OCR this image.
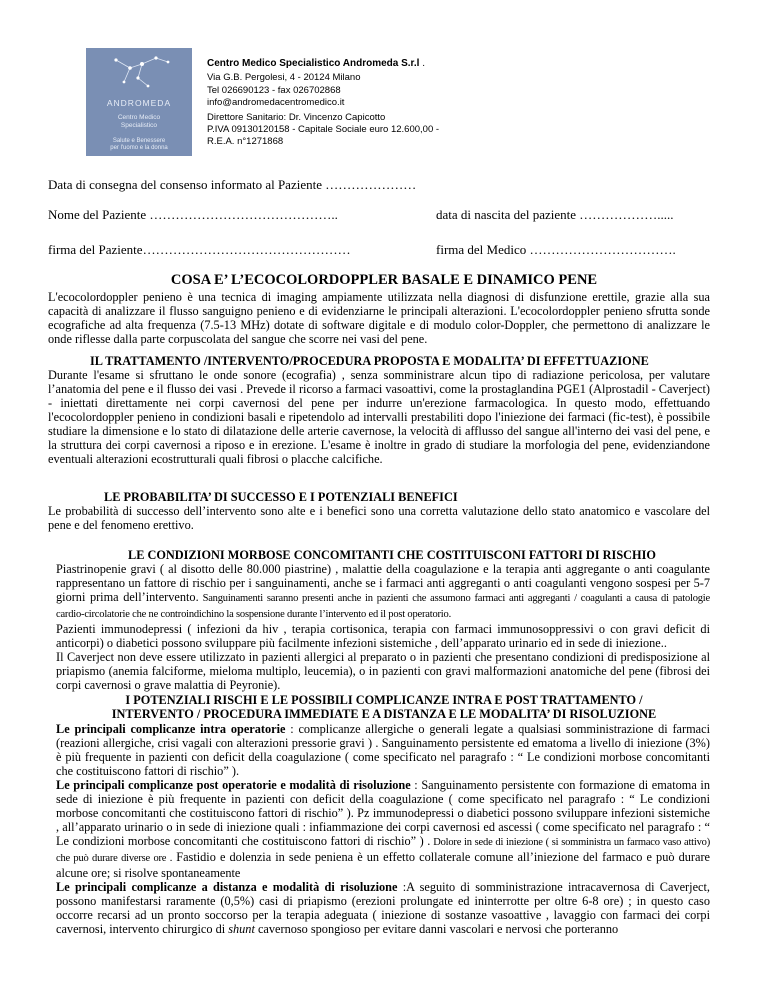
ANDROMEDA
Centro Medico
Specialistico
Salute e Benessere
per l'uomo e la donna
Centro Medico Specialistico Andromeda S.r.l .
Via G.B. Pergolesi, 4 - 20124 Milano
Tel 026690123 - fax 026702868
info@andromedacentromedico.it
Direttore Sanitario: Dr. Vincenzo Capicotto
P.IVA 09130120158 - Capitale Sociale euro 12.600,00 -
R.E.A. n°1271868
Data di consegna del consenso informato al Paziente …………………
Nome del Paziente ……………………………………..	data di nascita del paziente ……………….....
firma del Paziente…………………………………………	firma del Medico …………………………….
COSA E’ L’ECOCOLORDOPPLER BASALE E DINAMICO PENE
L'ecocolordoppler penieno è una tecnica di imaging ampiamente utilizzata nella diagnosi di disfunzione erettile, grazie alla sua capacità di analizzare il flusso sanguigno penieno e di evidenziarne le principali alterazioni. L'ecocolordoppler penieno sfrutta sonde ecografiche ad alta frequenza (7.5-13 MHz) dotate di software digitale e di modulo color-Doppler, che permettono di analizzare le onde riflesse dalla parte corpuscolata del sangue che scorre nei vasi del pene.
IL TRATTAMENTO /INTERVENTO/PROCEDURA PROPOSTA E MODALITA’ DI EFFETTUAZIONE
Durante l'esame si sfruttano le onde sonore (ecografia) , senza somministrare alcun tipo di radiazione pericolosa, per valutare l’anatomia del pene e il flusso dei vasi . Prevede il ricorso a farmaci vasoattivi, come la prostaglandina PGE1 (Alprostadil - Caverject) - iniettati direttamente nei corpi cavernosi del pene per indurre un'erezione farmacologica. In questo modo, effettuando l'ecocolordoppler penieno in condizioni basali e ripetendolo ad intervalli prestabiliti dopo l'iniezione dei farmaci (fic-test), è possibile studiare la dimensione e lo stato di dilatazione delle arterie cavernose, la velocità di afflusso del sangue all'interno dei vasi del pene, e la struttura dei corpi cavernosi a riposo e in erezione. L'esame è inoltre in grado di studiare la morfologia del pene, evidenziandone eventuali alterazioni ecostrutturali quali fibrosi o placche calcifiche.
LE PROBABILITA’ DI SUCCESSO E I POTENZIALI BENEFICI
Le probabilità di successo dell’intervento sono alte e i benefici sono una corretta valutazione dello stato anatomico e vascolare del pene e del fenomeno erettivo.
LE CONDIZIONI MORBOSE CONCOMITANTI CHE COSTITUISCONI FATTORI DI RISCHIO

Piastrinopenie gravi ( al disotto delle 80.000 piastrine) , malattie della coagulazione e la terapia anti aggregante o anti coagulante rappresentano un fattore di rischio per i sanguinamenti, anche se i farmaci anti aggreganti o anti coagulanti vengono sospesi per 5-7 giorni prima dell’intervento. Sanguinamenti saranno presenti anche in pazienti che assumono farmaci anti aggreganti / coagulanti a causa di patologie cardio-circolatorie che ne controindichino la sospensione durante l’intervento ed il post operatorio.

Pazienti immunodepressi ( infezioni da hiv , terapia cortisonica, terapia con farmaci immunosoppressivi o con gravi deficit di anticorpi) o diabetici possono sviluppare più facilmente infezioni sistemiche , dell’apparato urinario ed in sede di iniezione..

Il Caverject non deve essere utilizzato in pazienti allergici al preparato o in pazienti che presentano condizioni di predisposizione al priapismo (anemia falciforme, mieloma multiplo, leucemia), o in pazienti con gravi malformazioni anatomiche del pene (fibrosi dei corpi cavernosi o grave malattia di Peyronie).

I POTENZIALI RISCHI E LE POSSIBILI COMPLICANZE INTRA E POST TRATTAMENTO /
INTERVENTO / PROCEDURA IMMEDIATE E A DISTANZA E LE MODALITA’ DI RISOLUZIONE

Le principali complicanze intra operatorie : complicanze allergiche o generali legate a qualsiasi somministrazione di farmaci (reazioni allergiche, crisi vagali con alterazioni pressorie gravi ) . Sanguinamento persistente ed ematoma a livello di iniezione (3%) è più frequente in pazienti con deficit della coagulazione ( come specificato nel paragrafo : “ Le condizioni morbose concomitanti che costituiscono fattori di rischio” ).

Le principali complicanze post operatorie e modalità di risoluzione : Sanguinamento persistente con formazione di ematoma in sede di iniezione è più frequente in pazienti con deficit della coagulazione ( come specificato nel paragrafo : “ Le condizioni morbose concomitanti che costituiscono fattori di rischio” ). Pz immunodepressi o diabetici possono sviluppare infezioni sistemiche , all’apparato urinario o in sede di iniezione quali : infiammazione dei corpi cavernosi ed ascessi ( come specificato nel paragrafo : “ Le condizioni morbose concomitanti che costituiscono fattori di rischio” ) . Dolore in sede di iniezione ( si somministra un farmaco vaso attivo) che può durare diverse ore . Fastidio e dolenzia in sede peniena è un effetto collaterale comune all’iniezione del farmaco e può durare alcune ore; si risolve spontaneamente

Le principali complicanze a distanza e modalità di risoluzione :A seguito di somministrazione intracavernosa di Caverject, possono manifestarsi raramente (0,5%) casi di priapismo (erezioni prolungate ed ininterrotte per oltre 6-8 ore) ; in questo caso occorre recarsi ad un pronto soccorso per la terapia adeguata ( iniezione di sostanze vasoattive , lavaggio con farmaci dei corpi cavernosi, intervento chirurgico di shunt cavernoso spongioso per evitare danni vascolari e nervosi che porteranno
